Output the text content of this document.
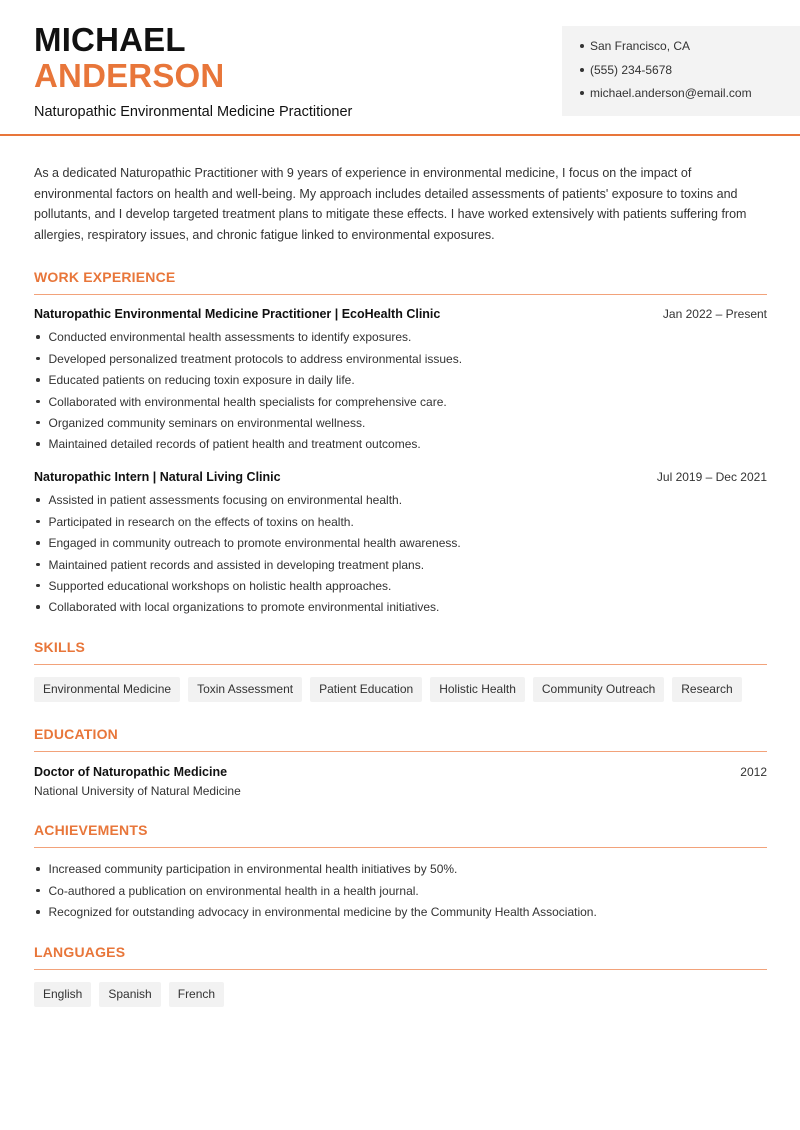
MICHAEL
ANDERSON
Naturopathic Environmental Medicine Practitioner
San Francisco, CA
(555) 234-5678
michael.anderson@email.com

As a dedicated Naturopathic Practitioner with 9 years of experience in environmental medicine, I focus on the impact of environmental factors on health and well-being. My approach includes detailed assessments of patients' exposure to toxins and pollutants, and I develop targeted treatment plans to mitigate these effects. I have worked extensively with patients suffering from allergies, respiratory issues, and chronic fatigue linked to environmental exposures.

WORK EXPERIENCE
Naturopathic Environmental Medicine Practitioner | EcoHealth Clinic	Jan 2022 – Present
Conducted environmental health assessments to identify exposures.
Developed personalized treatment protocols to address environmental issues.
Educated patients on reducing toxin exposure in daily life.
Collaborated with environmental health specialists for comprehensive care.
Organized community seminars on environmental wellness.
Maintained detailed records of patient health and treatment outcomes.
Naturopathic Intern | Natural Living Clinic	Jul 2019 – Dec 2021
Assisted in patient assessments focusing on environmental health.
Participated in research on the effects of toxins on health.
Engaged in community outreach to promote environmental health awareness.
Maintained patient records and assisted in developing treatment plans.
Supported educational workshops on holistic health approaches.
Collaborated with local organizations to promote environmental initiatives.
SKILLS
Environmental Medicine	Toxin Assessment	Patient Education	Holistic Health	Community Outreach	Research
EDUCATION
Doctor of Naturopathic Medicine	2012
National University of Natural Medicine
ACHIEVEMENTS
Increased community participation in environmental health initiatives by 50%.
Co-authored a publication on environmental health in a health journal.
Recognized for outstanding advocacy in environmental medicine by the Community Health Association.
LANGUAGES
English	Spanish	French
